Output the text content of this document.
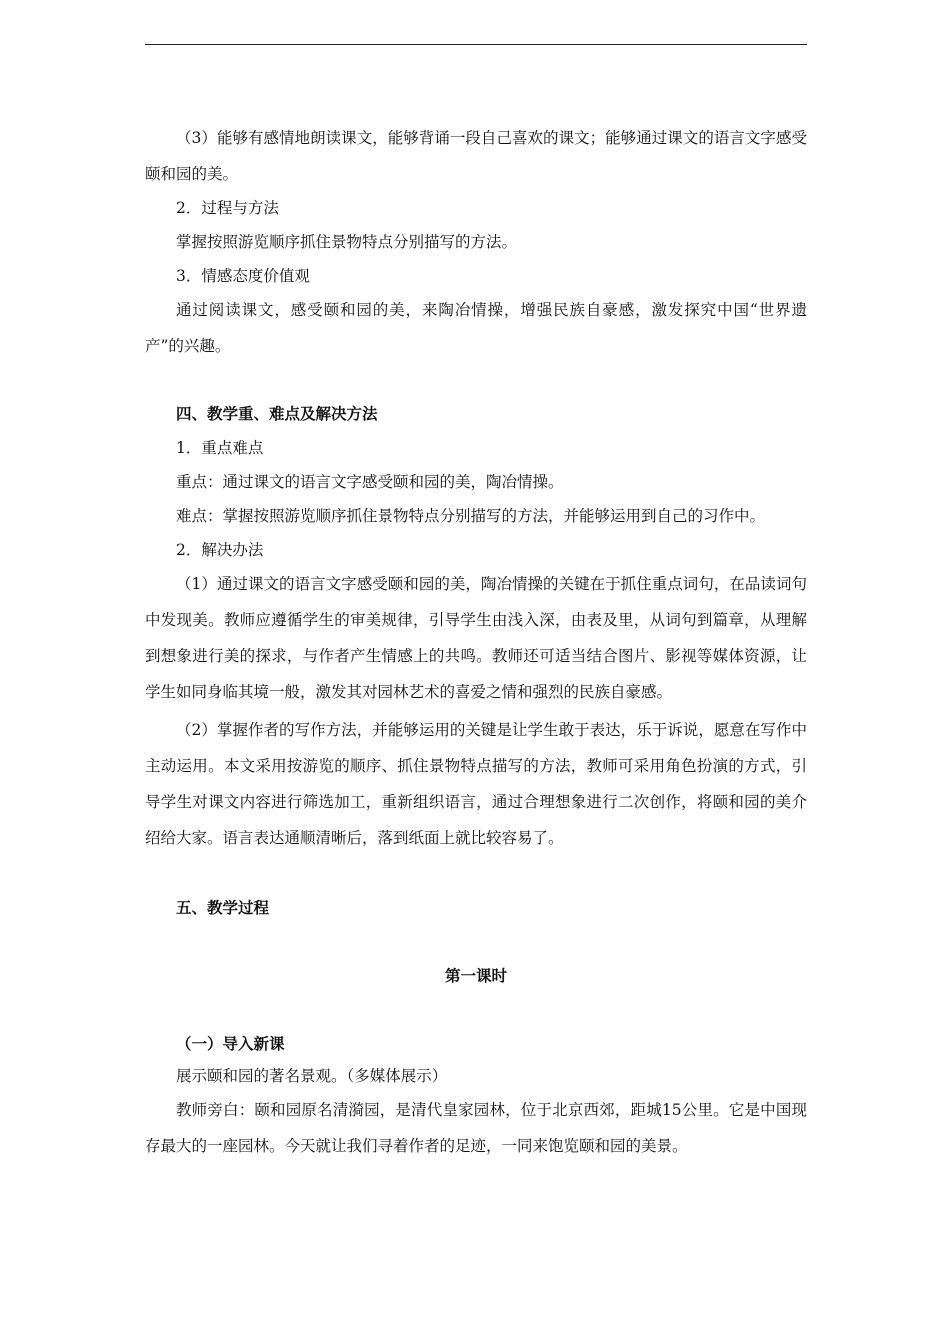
（3）能够有感情地朗读课文，能够背诵一段自己喜欢的课文；能够通过课文的语言文字感受颐和园的美。
2．过程与方法
掌握按照游览顺序抓住景物特点分别描写的方法。
3．情感态度价值观
通过阅读课文，感受颐和园的美，来陶冶情操，增强民族自豪感，激发探究中国“世界遗产”的兴趣。
四、教学重、难点及解决方法
1．重点难点
重点：通过课文的语言文字感受颐和园的美，陶冶情操。
难点：掌握按照游览顺序抓住景物特点分别描写的方法，并能够运用到自己的习作中。
2．解决办法
（1）通过课文的语言文字感受颐和园的美，陶冶情操的关键在于抓住重点词句，在品读词句中发现美。教师应遵循学生的审美规律，引导学生由浅入深，由表及里，从词句到篇章，从理解到想象进行美的探求，与作者产生情感上的共鸣。教师还可适当结合图片、影视等媒体资源，让学生如同身临其境一般，激发其对园林艺术的喜爱之情和强烈的民族自豪感。
（2）掌握作者的写作方法，并能够运用的关键是让学生敢于表达，乐于诉说，愿意在写作中主动运用。本文采用按游览的顺序、抓住景物特点描写的方法，教师可采用角色扮演的方式，引导学生对课文内容进行筛选加工，重新组织语言，通过合理想象进行二次创作，将颐和园的美介绍给大家。语言表达通顺清晰后，落到纸面上就比较容易了。
五、教学过程
第一课时
（一）导入新课
展示颐和园的著名景观。（多媒体展示）
教师旁白：颐和园原名清漪园，是清代皇家园林，位于北京西郊，距城15公里。它是中国现存最大的一座园林。今天就让我们寻着作者的足迹，一同来饱览颐和园的美景。
